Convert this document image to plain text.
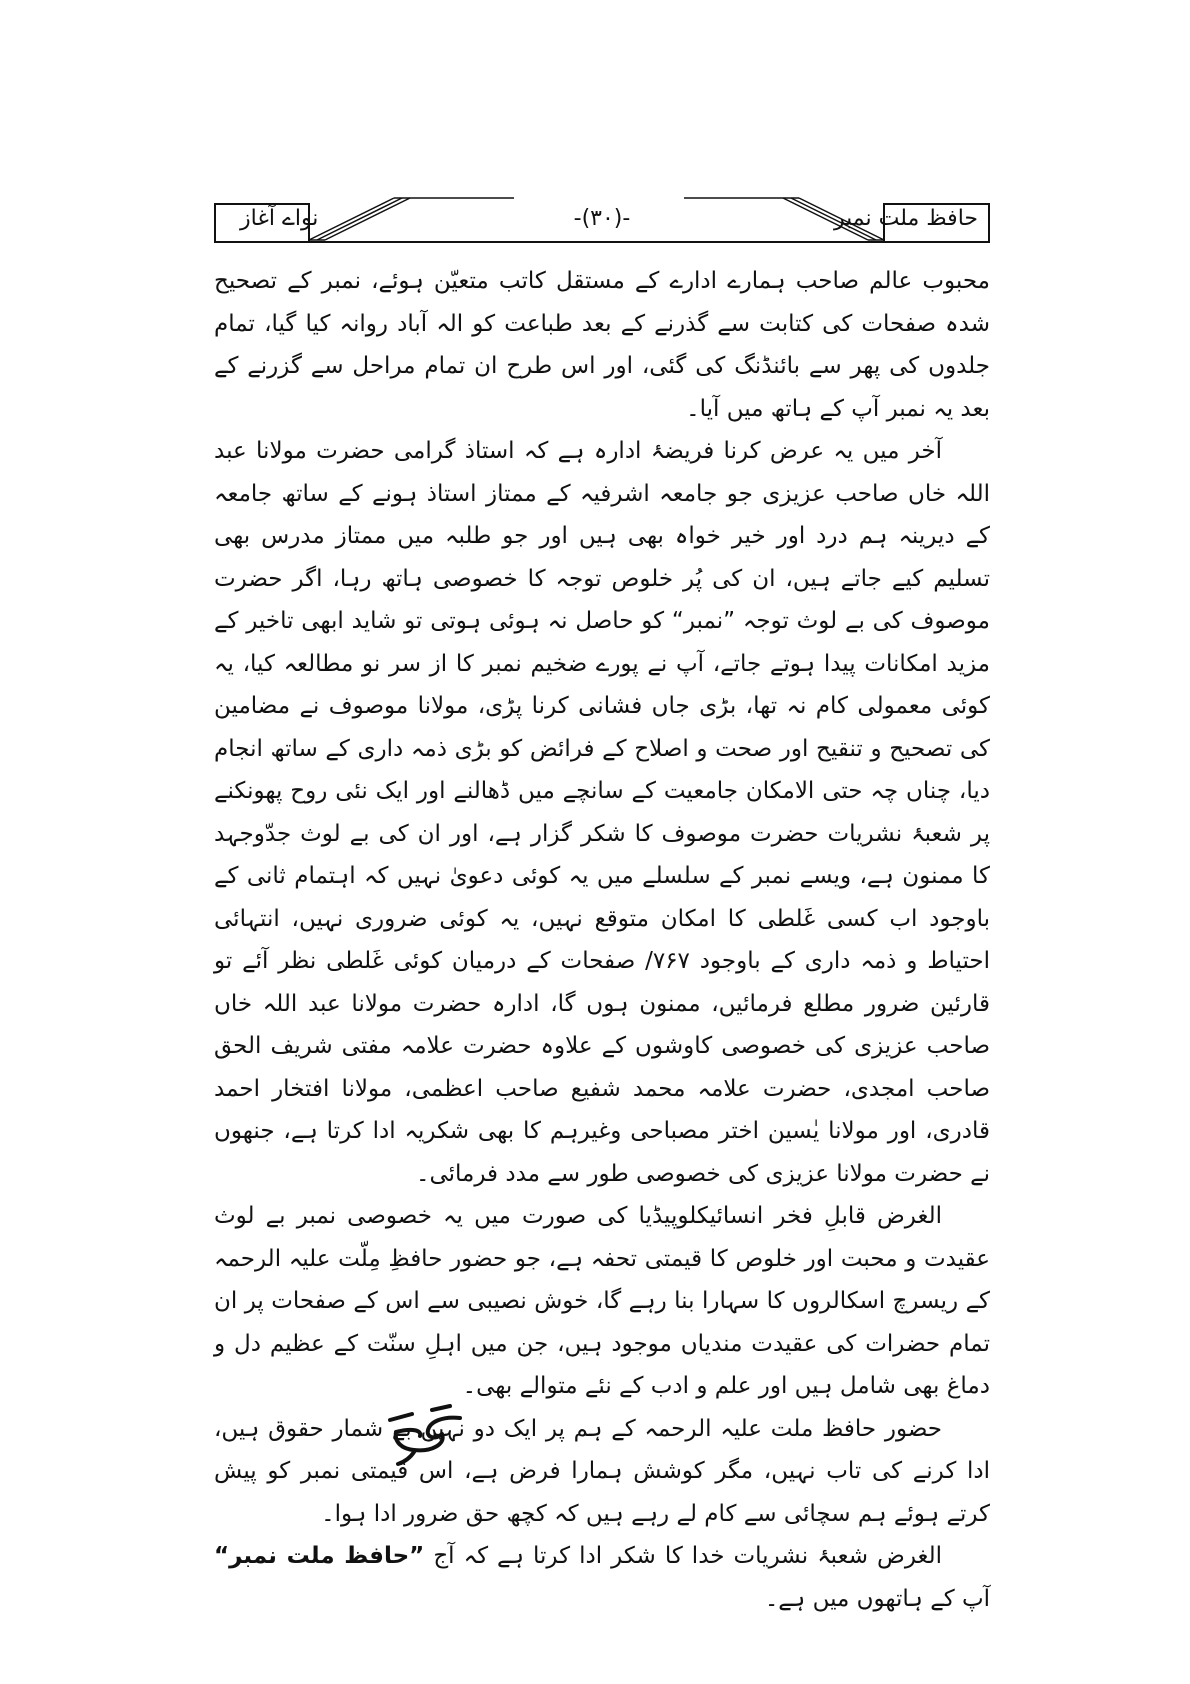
حافظ ملت نمبر
-(۳۰)-
نواے آغاز

محبوب عالم صاحب ہمارے ادارے کے مستقل کاتب متعیّن ہوئے، نمبر کے تصحیح شدہ صفحات کی کتابت سے گذرنے کے بعد طباعت کو الہ آباد روانہ کیا گیا، تمام جلدوں کی پھر سے بائنڈنگ کی گئی، اور اس طرح ان تمام مراحل سے گزرنے کے بعد یہ نمبر آپ کے ہاتھ میں آیا۔

آخر میں یہ عرض کرنا فریضۂ ادارہ ہے کہ استاذ گرامی حضرت مولانا عبد اللہ خاں صاحب عزیزی جو جامعہ اشرفیہ کے ممتاز استاذ ہونے کے ساتھ جامعہ کے دیرینہ ہم درد اور خیر خواہ بھی ہیں اور جو طلبہ میں ممتاز مدرس بھی تسلیم کیے جاتے ہیں، ان کی پُر خلوص توجہ کا خصوصی ہاتھ رہا، اگر حضرت موصوف کی بے لوث توجہ ”نمبر“ کو حاصل نہ ہوئی ہوتی تو شاید ابھی تاخیر کے مزید امکانات پیدا ہوتے جاتے، آپ نے پورے ضخیم نمبر کا از سر نو مطالعہ کیا، یہ کوئی معمولی کام نہ تھا، بڑی جاں فشانی کرنا پڑی، مولانا موصوف نے مضامین کی تصحیح و تنقیح اور صحت و اصلاح کے فرائض کو بڑی ذمہ داری کے ساتھ انجام دیا، چناں چہ حتی الامکان جامعیت کے سانچے میں ڈھالنے اور ایک نئی روح پھونکنے پر شعبۂ نشریات حضرت موصوف کا شکر گزار ہے، اور ان کی بے لوث جدّوجہد کا ممنون ہے، ویسے نمبر کے سلسلے میں یہ کوئی دعویٰ نہیں کہ اہتمام ثانی کے باوجود اب کسی غَلطی کا امکان متوقع نہیں، یہ کوئی ضروری نہیں، انتہائی احتیاط و ذمہ داری کے باوجود ۷۶۷/ صفحات کے درمیان کوئی غَلطی نظر آئے تو قارئین ضرور مطلع فرمائیں، ممنون ہوں گا، ادارہ حضرت مولانا عبد اللہ خاں صاحب عزیزی کی خصوصی کاوشوں کے علاوہ حضرت علامہ مفتی شریف الحق صاحب امجدی، حضرت علامہ محمد شفیع صاحب اعظمی، مولانا افتخار احمد قادری، اور مولانا یٰسین اختر مصباحی وغیرہم کا بھی شکریہ ادا کرتا ہے، جنھوں نے حضرت مولانا عزیزی کی خصوصی طور سے مدد فرمائی۔

الغرض قابلِ فخر انسائیکلوپیڈیا کی صورت میں یہ خصوصی نمبر بے لوث عقیدت و محبت اور خلوص کا قیمتی تحفہ ہے، جو حضور حافظِ مِلّت علیہ الرحمہ کے ریسرچ اسکالروں کا سہارا بنا رہے گا، خوش نصیبی سے اس کے صفحات پر ان تمام حضرات کی عقیدت مندیاں موجود ہیں، جن میں اہلِ سنّت کے عظیم دل و دماغ بھی شامل ہیں اور علم و ادب کے نئے متوالے بھی۔

حضور حافظ ملت علیہ الرحمہ کے ہم پر ایک دو نہیں بے شمار حقوق ہیں، ادا کرنے کی تاب نہیں، مگر کوشش ہمارا فرض ہے، اس قیمتی نمبر کو پیش کرتے ہوئے ہم سچائی سے کام لے رہے ہیں کہ کچھ حق ضرور ادا ہوا۔

الغرض شعبۂ نشریات خدا کا شکر ادا کرتا ہے کہ آج ”حافظ ملت نمبر“ آپ کے ہاتھوں میں ہے۔
